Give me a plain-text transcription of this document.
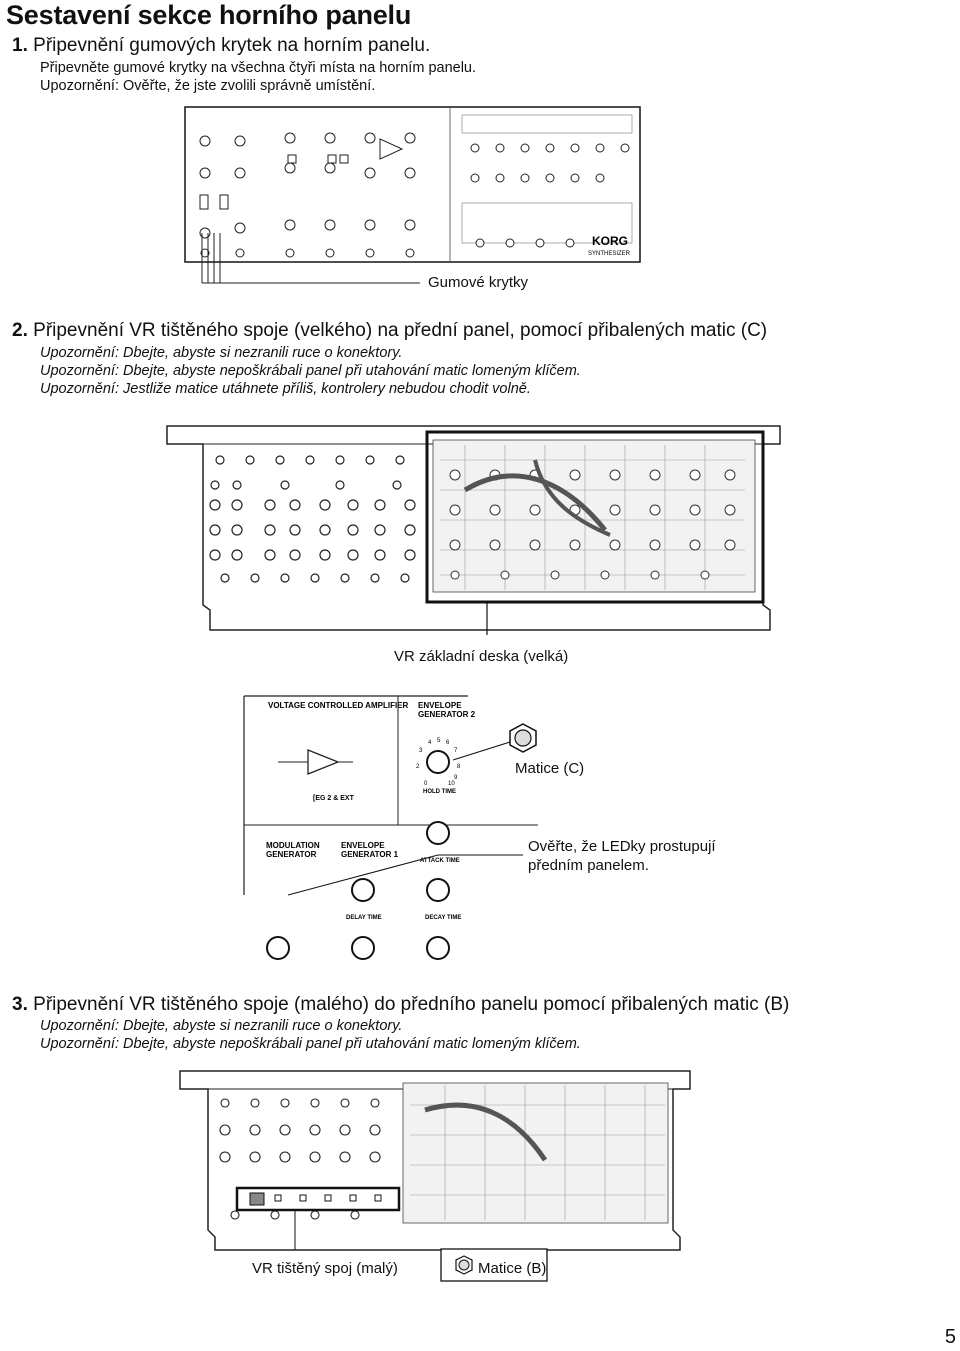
Sestavení sekce horního panelu
1. Připevnění gumových krytek na horním panelu.
Připevněte gumové krytky na všechna čtyři místa na horním panelu.
Upozornění: Ověřte, že jste zvolili správně umístění.
KORG
SYNTHESIZER
Gumové krytky
2. Připevnění VR tištěného spoje (velkého) na přední panel, pomocí přibalených matic (C)
Upozornění: Dbejte, abyste si nezranili ruce o konektory.
Upozornění: Dbejte, abyste nepoškrábali panel při utahování matic lomeným klíčem.
Upozornění: Jestliže matice utáhnete příliš, kontrolery nebudou chodit volně.
VR základní deska (velká)
VOLTAGE CONTROLLED AMPLIFIER ENVELOPE
GENERATOR 2
[EG 2 & EXT
MODULATION
GENERATOR
ENVELOPE
GENERATOR 1
HOLD TIME
ATTACK TIME
DELAY TIME	DECAY TIME
2
3
4 5 6
7
8
9
0	10
Matice (C)
Ověřte, že LEDky prostupují
předním panelem.
3. Připevnění VR tištěného spoje (malého) do předního panelu pomocí přibalených matic (B)
Upozornění: Dbejte, abyste si nezranili ruce o konektory.
Upozornění: Dbejte, abyste nepoškrábali panel při utahování matic lomeným klíčem.
VR tištěný spoj (malý)	Matice (B)
5
